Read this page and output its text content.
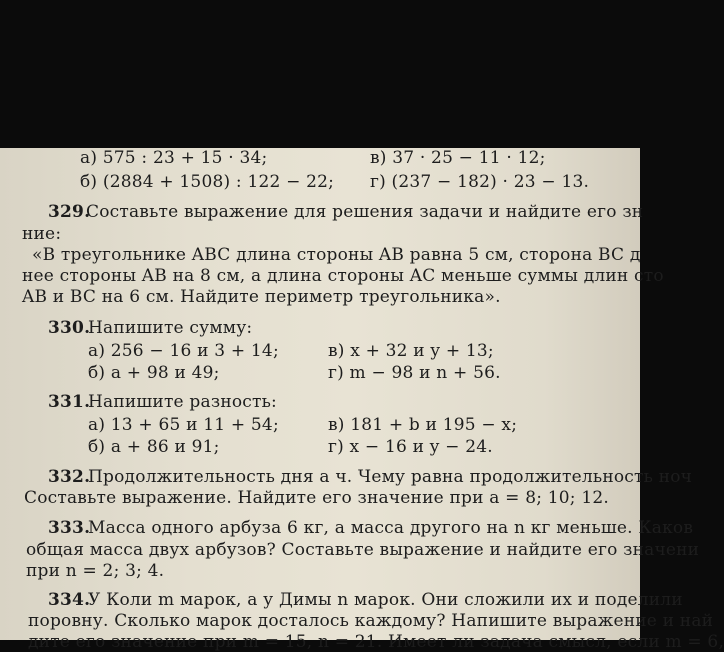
а) 575 : 23 + 15 · 34;	в) 37 · 25 − 11 · 12;
б) (2884 + 1508) : 122 − 22; г) (237 − 182) · 23 − 13.
329.
Составьте выражение для решения задачи и найдите его зн
ние:
«В треугольнике ABC длина стороны AB равна 5 см, сторона BC д
нее стороны AB на 8 см, а длина стороны AC меньше суммы длин сто
AB и BC на 6 см. Найдите периметр треугольника».
330.
Напишите сумму:
а) 256 − 16 и 3 + 14;	в) x + 32 и y + 13;
б) a + 98 и 49;	г) m − 98 и n + 56.
331.
Напишите разность:
а) 13 + 65 и 11 + 54;	в) 181 + b и 195 − x;
б) a + 86 и 91;	г) x − 16 и y − 24.
332.
Продолжительность дня a ч. Чему равна продолжительность ноч
Составьте выражение. Найдите его значение при a = 8; 10; 12.
333.
Масса одного арбуза 6 кг, а масса другого на n кг меньше. Каков
общая масса двух арбузов? Составьте выражение и найдите его значени
при n = 2; 3; 4.
334.
У Коли m марок, а у Димы n марок. Они сложили их и поделили
поровну. Сколько марок досталось каждому? Напишите выражение и най
дите его значение при m = 15, n = 21. Имеет ли задача смысл, если m = 6,
